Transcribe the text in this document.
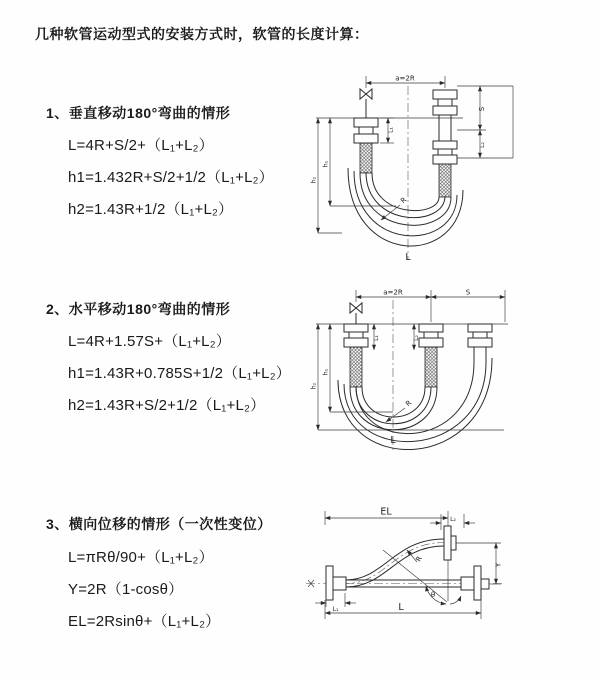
几种软管运动型式的安装方式时，软管的长度计算：
1、垂直移动180°弯曲的情形
L=4R+S/2+（L₁+L₂）
h1=1.432R+S/2+1/2（L₁+L₂）
h2=1.43R+1/2（L₁+L₂）
a=2R
L₁
S
L₂
h₁
h₂
R
L
2、水平移动180°弯曲的情形
L=4R+1.57S+（L₁+L₂）
h1=1.43R+0.785S+1/2（L₁+L₂）
h2=1.43R+S/2+1/2（L₁+L₂）
a=2R	S
L₁	L₂
h₁
h₂
R
L
3、横向位移的情形（一次性变位）
L=πRθ/90+（L₁+L₂）
Y=2R（1-cosθ）
EL=2Rsinθ+（L₁+L₂）
EL
L₂
Y
L
L₁
θ
R
